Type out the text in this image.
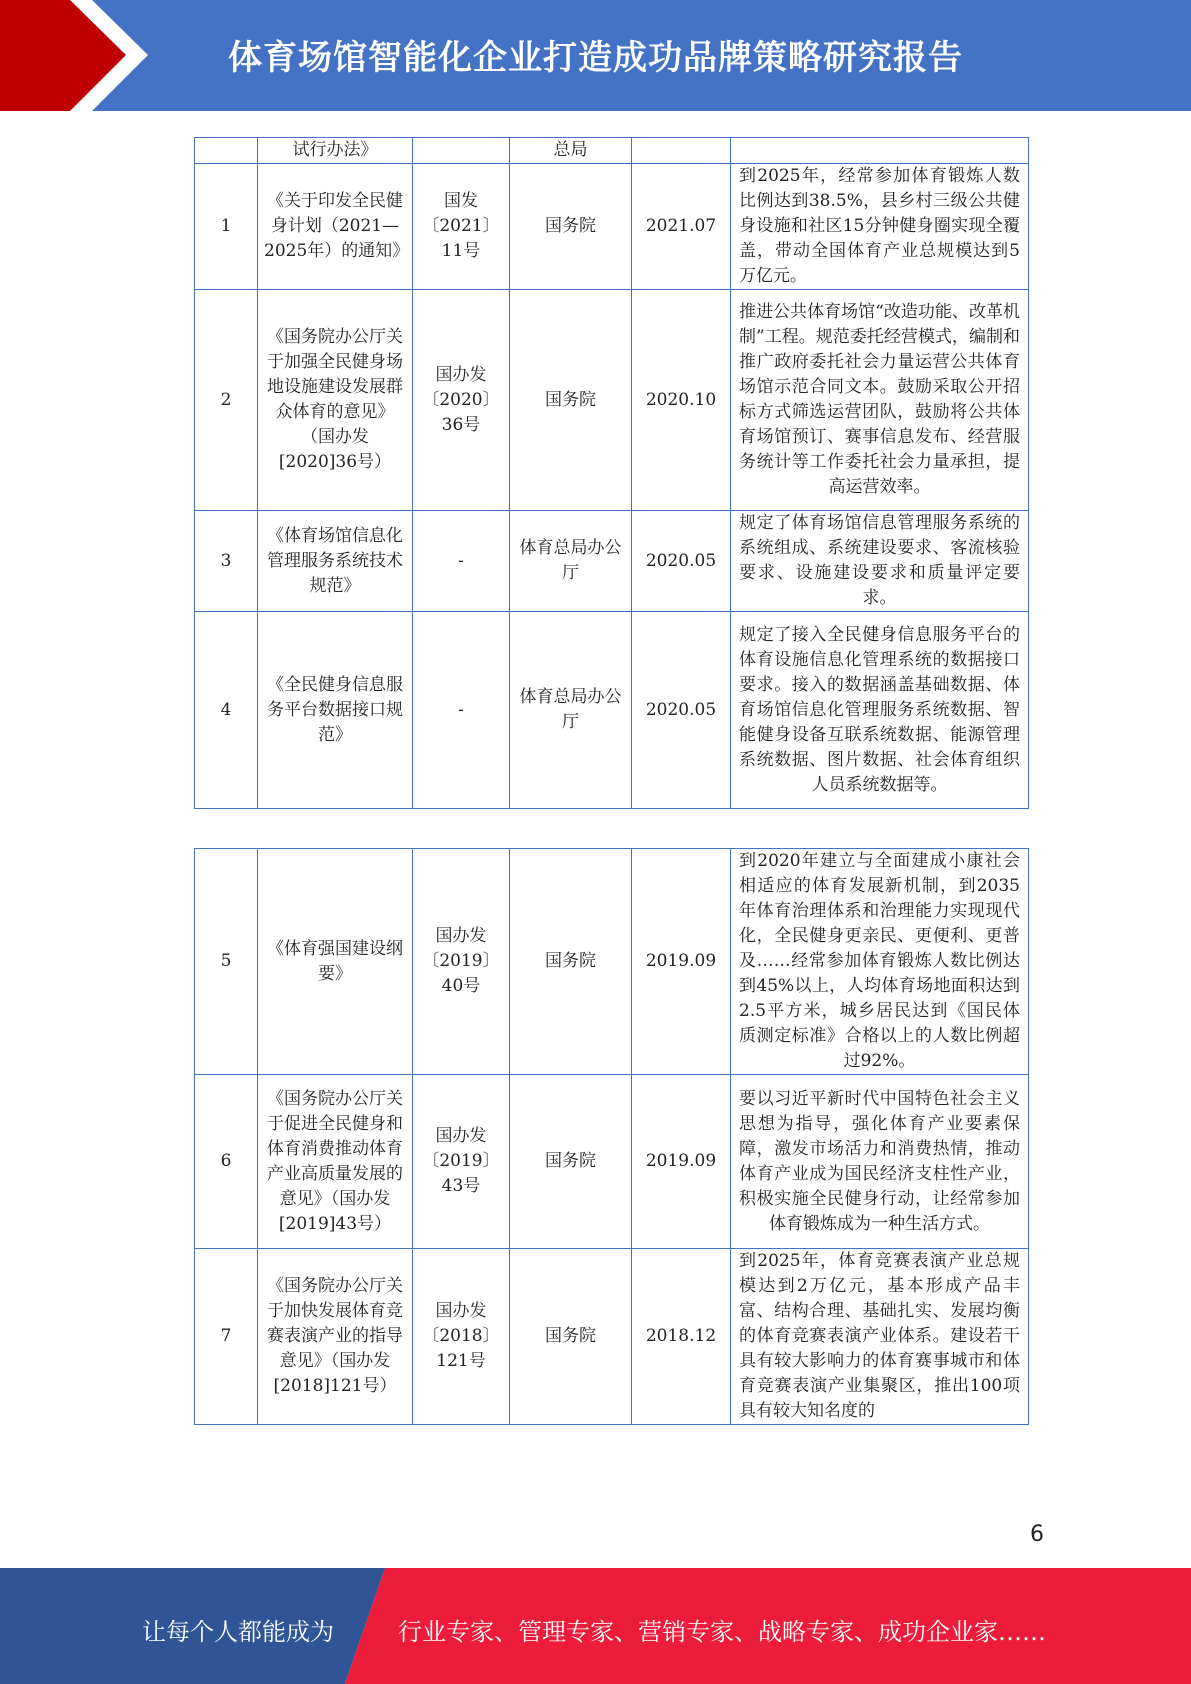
体育场馆智能化企业打造成功品牌策略研究报告
	试行办法》		总局		
1	《关于印发全民健身计划（2021—2025年）的通知》	国发〔2021〕11号	国务院	2021.07	到2025年，经常参加体育锻炼人数比例达到38.5%，县乡村三级公共健身设施和社区15分钟健身圈实现全覆盖，带动全国体育产业总规模达到5万亿元。
2	《国务院办公厅关于加强全民健身场地设施建设发展群众体育的意见》（国办发[2020]36号）	国办发〔2020〕36号	国务院	2020.10	推进公共体育场馆“改造功能、改革机制”工程。规范委托经营模式，编制和推广政府委托社会力量运营公共体育场馆示范合同文本。鼓励采取公开招标方式筛选运营团队，鼓励将公共体育场馆预订、赛事信息发布、经营服务统计等工作委托社会力量承担，提高运营效率。
3	《体育场馆信息化管理服务系统技术规范》	-	体育总局办公厅	2020.05	规定了体育场馆信息管理服务系统的系统组成、系统建设要求、客流核验要求、设施建设要求和质量评定要求。
4	《全民健身信息服务平台数据接口规范》	-	体育总局办公厅	2020.05	规定了接入全民健身信息服务平台的体育设施信息化管理系统的数据接口要求。接入的数据涵盖基础数据、体育场馆信息化管理服务系统数据、智能健身设备互联系统数据、能源管理系统数据、图片数据、社会体育组织人员系统数据等。
5	《体育强国建设纲要》	国办发〔2019〕40号	国务院	2019.09	到2020年建立与全面建成小康社会相适应的体育发展新机制，到2035年体育治理体系和治理能力实现现代化，全民健身更亲民、更便利、更普及……经常参加体育锻炼人数比例达到45%以上，人均体育场地面积达到2.5平方米，城乡居民达到《国民体质测定标准》合格以上的人数比例超过92%。
6	《国务院办公厅关于促进全民健身和体育消费推动体育产业高质量发展的意见》（国办发[2019]43号）	国办发〔2019〕43号	国务院	2019.09	要以习近平新时代中国特色社会主义思想为指导，强化体育产业要素保障，激发市场活力和消费热情，推动体育产业成为国民经济支柱性产业，积极实施全民健身行动，让经常参加体育锻炼成为一种生活方式。
7	《国务院办公厅关于加快发展体育竞赛表演产业的指导意见》（国办发[2018]121号）	国办发〔2018〕121号	国务院	2018.12	到2025年，体育竞赛表演产业总规模达到2万亿元，基本形成产品丰富、结构合理、基础扎实、发展均衡的体育竞赛表演产业体系。建设若干具有较大影响力的体育赛事城市和体育竞赛表演产业集聚区，推出100项具有较大知名度的
6
让每个人都能成为	行业专家、管理专家、营销专家、战略专家、成功企业家……
